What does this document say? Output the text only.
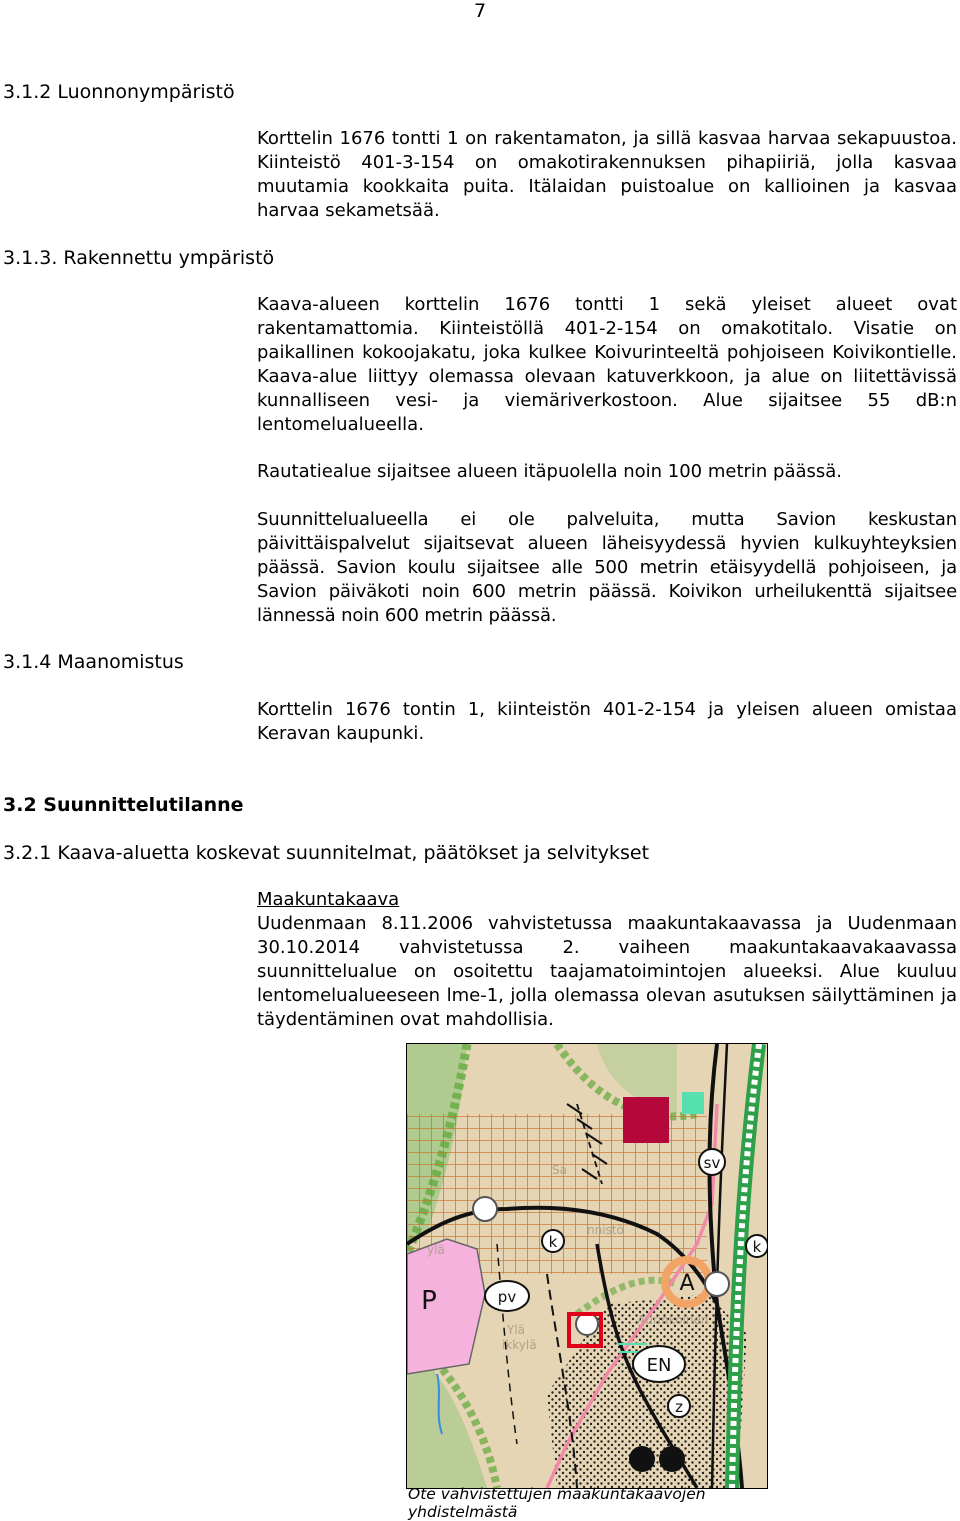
7
3.1.2 Luonnonympäristö
Korttelin 1676 tontti 1 on rakentamaton, ja sillä kasvaa harvaa sekapuustoa. Kiinteistö 401-3-154 on omakotirakennuksen pihapiiriä, jolla kasvaa muutamia kookkaita puita. Itälaidan puistoalue on kallioinen ja kasvaa harvaa sekametsää.
3.1.3. Rakennettu ympäristö
Kaava-alueen korttelin 1676 tontti 1 sekä yleiset alueet ovat rakentamattomia. Kiinteistöllä 401-2-154 on omakotitalo. Visatie on paikallinen kokoojakatu, joka kulkee Koivurinteeltä pohjoiseen Koivikontielle. Kaava-alue liittyy olemassa olevaan katuverkkoon, ja alue on liitettävissä kunnalliseen vesi- ja viemäriverkostoon. Alue sijaitsee 55 dB:n lentomelualueella.
Rautatiealue sijaitsee alueen itäpuolella noin 100 metrin päässä.
Suunnittelualueella ei ole palveluita, mutta Savion keskustan päivittäispalvelut sijaitsevat alueen läheisyydessä hyvien kulkuyhteyksien päässä. Savion koulu sijaitsee alle 500 metrin etäisyydellä pohjoiseen, ja Savion päiväkoti noin 600 metrin päässä. Koivikon urheilukenttä sijaitsee lännessä noin 600 metrin päässä.
3.1.4 Maanomistus
Korttelin 1676 tontin 1, kiinteistön 401-2-154 ja yleisen alueen omistaa Keravan kaupunki.
3.2 Suunnittelutilanne
3.2.1 Kaava-aluetta koskevat suunnitelmat, päätökset ja selvitykset
Maakuntakaava
Uudenmaan 8.11.2006 vahvistetussa maakuntakaavassa ja Uudenmaan 30.10.2014 vahvistetussa 2. vaiheen maakuntakaavakaavassa suunnittelualue on osoitettu taajamatoimintojen alueeksi. Alue kuuluu lentomelualueeseen lme-1, jolla olemassa olevan asutuksen säilyttäminen ja täydentäminen ovat mahdollisia.
A
sv
k	k
P	pv
EN
z
ylä
nnistö
Ylä
Aurinkoinen
ikkylä
Sa
Ote vahvistettujen maakuntakaavojen yhdistelmästä
